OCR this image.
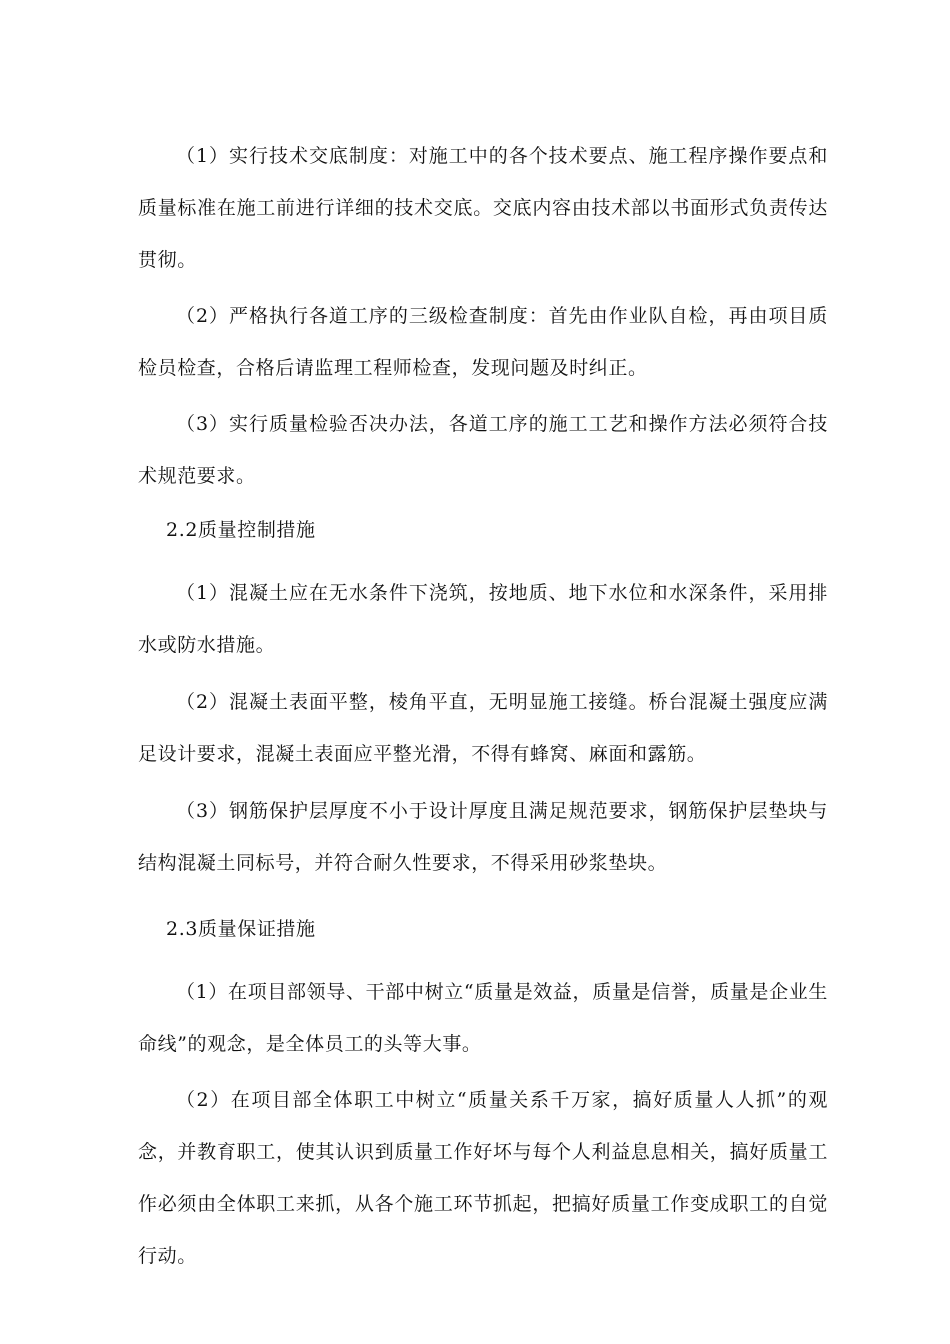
（1）实行技术交底制度：对施工中的各个技术要点、施工程序操作要点和质量标准在施工前进行详细的技术交底。交底内容由技术部以书面形式负责传达贯彻。

（2）严格执行各道工序的三级检查制度：首先由作业队自检，再由项目质检员检查，合格后请监理工程师检查，发现问题及时纠正。

（3）实行质量检验否决办法，各道工序的施工工艺和操作方法必须符合技术规范要求。

2.2质量控制措施

（1）混凝土应在无水条件下浇筑，按地质、地下水位和水深条件，采用排水或防水措施。

（2）混凝土表面平整，棱角平直，无明显施工接缝。桥台混凝土强度应满足设计要求，混凝土表面应平整光滑，不得有蜂窝、麻面和露筋。

（3）钢筋保护层厚度不小于设计厚度且满足规范要求，钢筋保护层垫块与结构混凝土同标号，并符合耐久性要求，不得采用砂浆垫块。

2.3质量保证措施

（1）在项目部领导、干部中树立“质量是效益，质量是信誉，质量是企业生命线”的观念，是全体员工的头等大事。

（2）在项目部全体职工中树立“质量关系千万家，搞好质量人人抓”的观念，并教育职工，使其认识到质量工作好坏与每个人利益息息相关，搞好质量工作必须由全体职工来抓，从各个施工环节抓起，把搞好质量工作变成职工的自觉行动。
